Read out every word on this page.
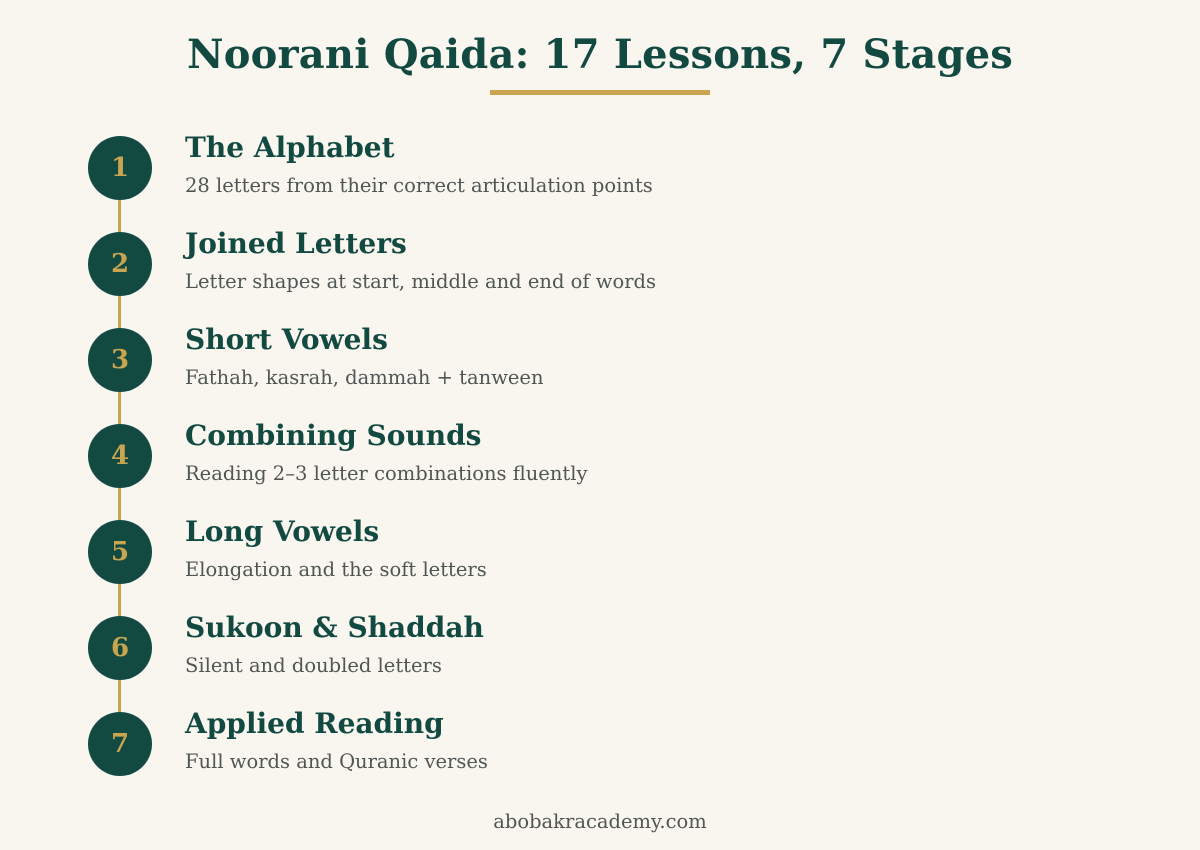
Noorani Qaida: 17 Lessons, 7 Stages
1
The Alphabet
28 letters from their correct articulation points
2
Joined Letters
Letter shapes at start, middle and end of words
3
Short Vowels
Fathah, kasrah, dammah + tanween
4
Combining Sounds
Reading 2–3 letter combinations fluently
5
Long Vowels
Elongation and the soft letters
6
Sukoon & Shaddah
Silent and doubled letters
7
Applied Reading
Full words and Quranic verses
abobakracademy.com
